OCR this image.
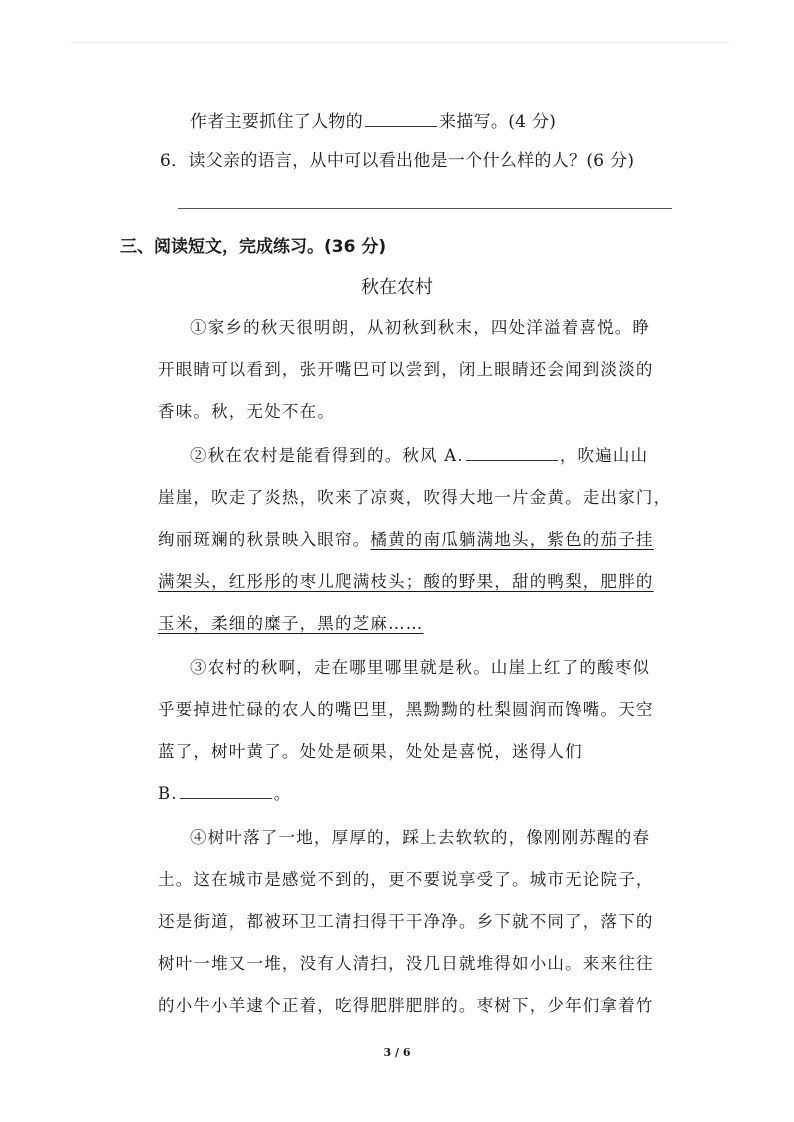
作者主要抓住了人物的	来描写。(4 分)
6．读父亲的语言，从中可以看出他是一个什么样的人？(6 分)
三、阅读短文，完成练习。(36 分)
秋在农村
①家乡的秋天很明朗，从初秋到秋末，四处洋溢着喜悦。睁
开眼睛可以看到，张开嘴巴可以尝到，闭上眼睛还会闻到淡淡的
香味。秋，无处不在。
②秋在农村是能看得到的。秋风 A.	，吹遍山山
崖崖，吹走了炎热，吹来了凉爽，吹得大地一片金黄。走出家门，
绚丽斑斓的秋景映入眼帘。橘黄的南瓜躺满地头，紫色的茄子挂
满架头，红彤彤的枣儿爬满枝头；酸的野果，甜的鸭梨，肥胖的
玉米，柔细的糜子，黑的芝麻……
③农村的秋啊，走在哪里哪里就是秋。山崖上红了的酸枣似
乎要掉进忙碌的农人的嘴巴里，黑黝黝的杜梨圆润而馋嘴。天空
蓝了，树叶黄了。处处是硕果，处处是喜悦，迷得人们
B.	。
④树叶落了一地，厚厚的，踩上去软软的，像刚刚苏醒的春
土。这在城市是感觉不到的，更不要说享受了。城市无论院子，
还是街道，都被环卫工清扫得干干净净。乡下就不同了，落下的
树叶一堆又一堆，没有人清扫，没几日就堆得如小山。来来往往
的小牛小羊逮个正着，吃得肥胖肥胖的。枣树下，少年们拿着竹
3 / 6
